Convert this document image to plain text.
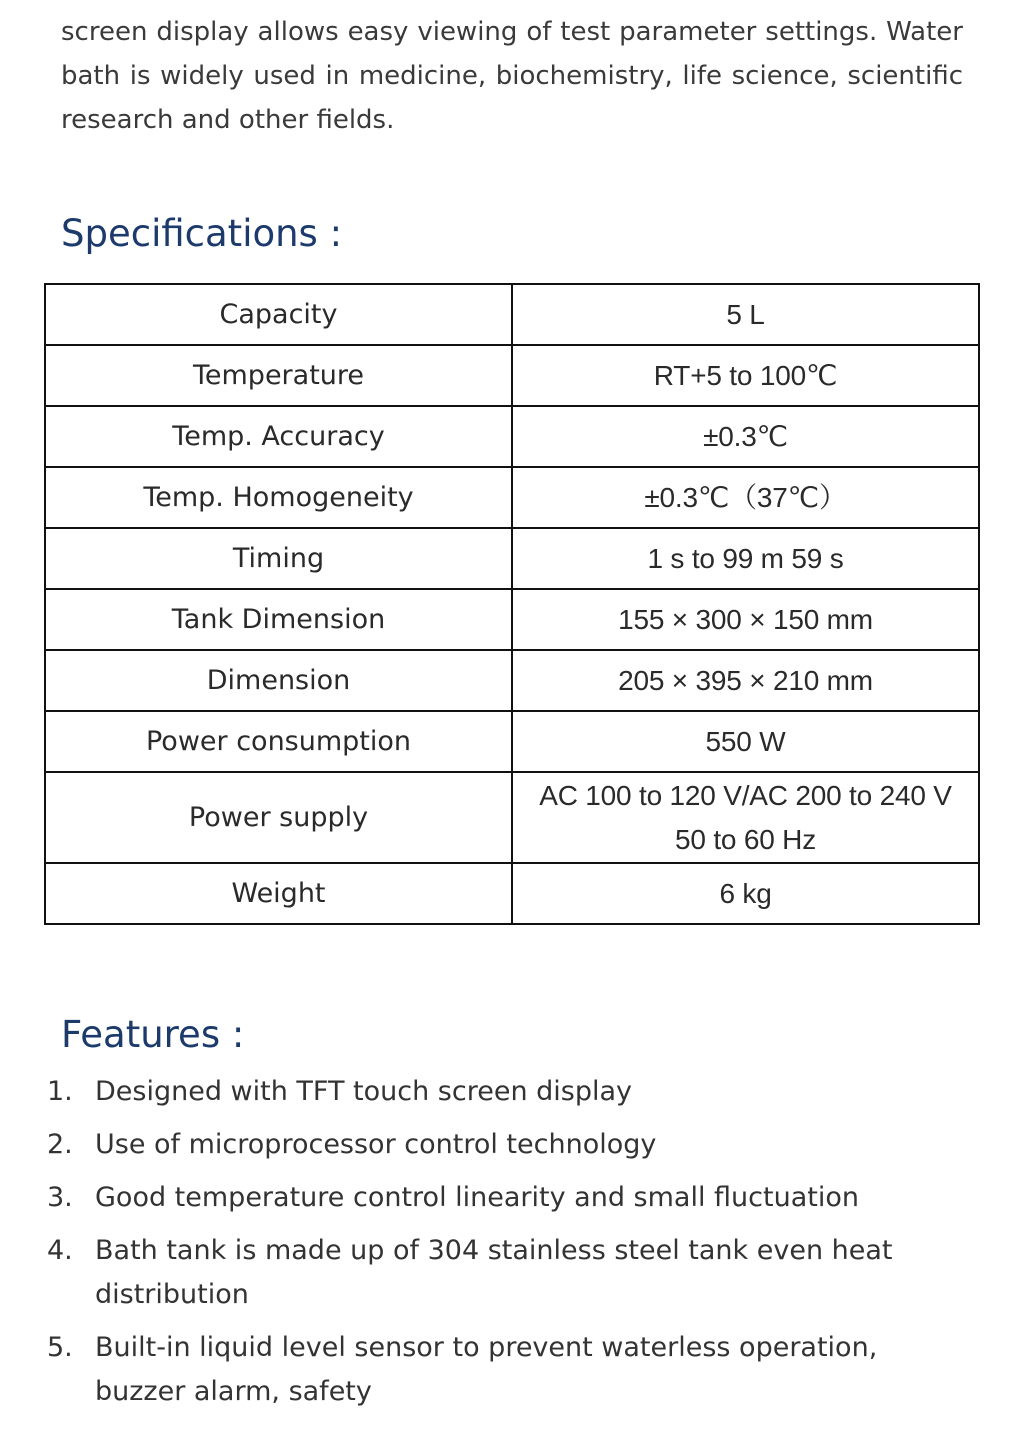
screen display allows easy viewing of test parameter settings. Water bath is widely used in medicine, biochemistry, life science, scientific research and other fields.

Specifications :
Capacity	5 L
Temperature	RT+5 to 100℃
Temp. Accuracy	±0.3℃
Temp. Homogeneity	±0.3℃（37℃）
Timing	1 s to 99 m 59 s
Tank Dimension	155 × 300 × 150 mm
Dimension	205 × 395 × 210 mm
Power consumption	550 W
Power supply	AC 100 to 120 V/AC 200 to 240 V 50 to 60 Hz
Weight	6 kg
Features :
1. Designed with TFT touch screen display
2. Use of microprocessor control technology
3. Good temperature control linearity and small fluctuation
4. Bath tank is made up of 304 stainless steel tank even heat distribution
5. Built-in liquid level sensor to prevent waterless operation, buzzer alarm, safety
